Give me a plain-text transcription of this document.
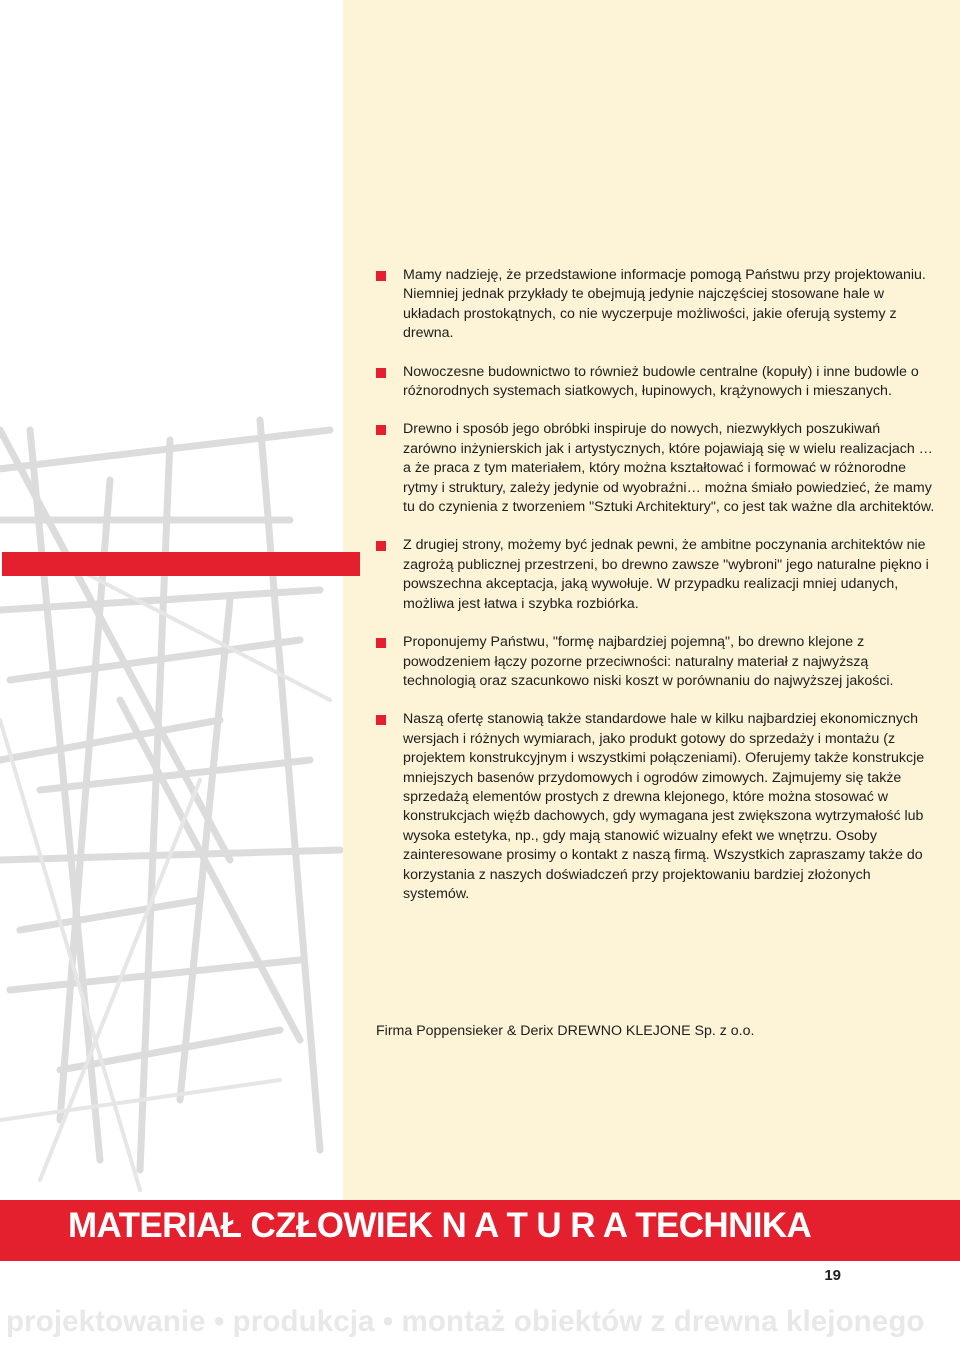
Mamy nadzieję, że przedstawione informacje pomogą Państwu przy projektowaniu. Niemniej jednak przykłady te obejmują jedynie najczęściej stosowane hale w układach prostokątnych, co nie wyczerpuje możliwości, jakie oferują systemy z drewna.
Nowoczesne budownictwo to również budowle centralne (kopuły) i inne budowle o różnorodnych systemach siatkowych, łupinowych, krążynowych i mieszanych.
Drewno i sposób jego obróbki inspiruje do nowych, niezwykłych poszukiwań zarówno inżynierskich jak i artystycznych, które pojawiają się w wielu realizacjach …a że praca z tym materiałem, który można kształtować i formować w różnorodne rytmy i struktury, zależy jedynie od wyobraźni… można śmiało powiedzieć, że mamy tu do czynienia z tworzeniem "Sztuki Architektury", co jest tak ważne dla architektów.
Z drugiej strony, możemy być jednak pewni, że ambitne poczynania architektów nie zagrożą publicznej przestrzeni, bo drewno zawsze "wybroni" jego naturalne piękno i powszechna akceptacja, jaką wywołuje. W przypadku realizacji mniej udanych, możliwa jest łatwa i szybka rozbiórka.
Proponujemy Państwu, "formę najbardziej pojemną", bo drewno klejone z powodzeniem łączy pozorne przeciwności: naturalny materiał z najwyższą technologią oraz szacunkowo niski koszt w porównaniu do najwyższej jakości.
Naszą ofertę stanowią także standardowe hale w kilku najbardziej ekonomicznych wersjach i różnych wymiarach, jako produkt gotowy do sprzedaży i montażu (z projektem konstrukcyjnym i wszystkimi połączeniami). Oferujemy także konstrukcje mniejszych basenów przydomowych i ogrodów zimowych. Zajmujemy się także sprzedażą elementów prostych z drewna klejonego, które można stosować w konstrukcjach więźb dachowych, gdy wymagana jest zwiększona wytrzymałość lub wysoka estetyka, np., gdy mają stanowić wizualny efekt we wnętrzu. Osoby zainteresowane prosimy o kontakt z naszą firmą. Wszystkich zapraszamy także do korzystania z naszych doświadczeń przy projektowaniu bardziej złożonych systemów.
Firma Poppensieker & Derix DREWNO KLEJONE Sp. z o.o.
MATERIAŁ CZŁOWIEK N A T U R A TECHNIKA
19
projektowanie • produkcja • montaż obiektów z drewna klejonego
